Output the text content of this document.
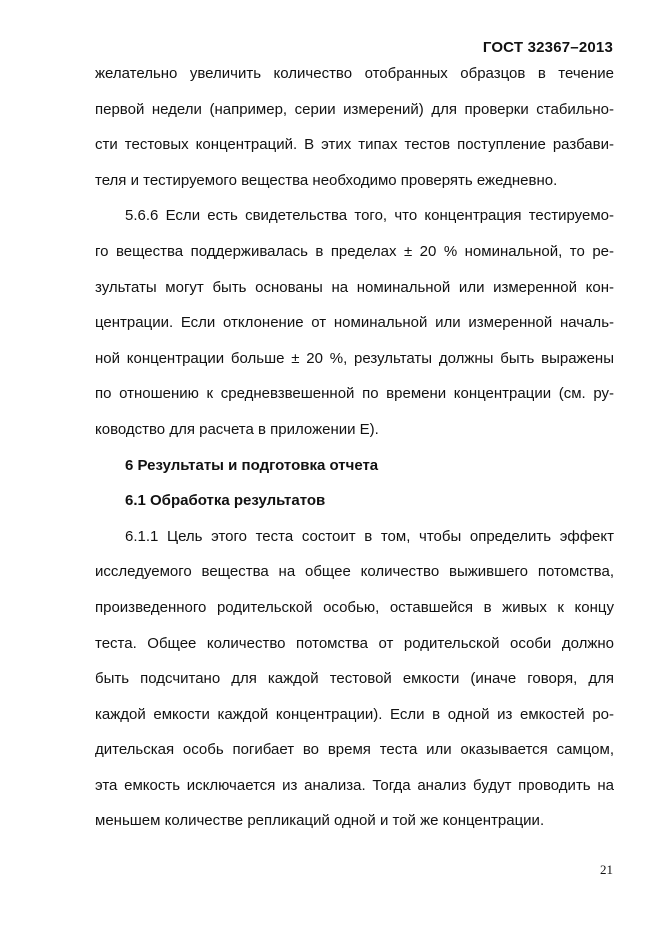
ГОСТ 32367–2013
желательно увеличить количество отобранных образцов в течение
первой недели (например, серии измерений) для проверки стабильно-
сти тестовых концентраций. В этих типах тестов поступление разбави-
теля и тестируемого вещества необходимо проверять ежедневно.
5.6.6 Если есть свидетельства того, что концентрация тестируемо-
го вещества поддерживалась в пределах ± 20 % номинальной, то ре-
зультаты могут быть основаны на номинальной или измеренной кон-
центрации. Если отклонение от номинальной или измеренной началь-
ной концентрации больше ± 20 %, результаты должны быть выражены
по отношению к средневзвешенной по времени концентрации (см. ру-
ководство для расчета в приложении Е).
6 Результаты и подготовка отчета
6.1 Обработка результатов
6.1.1 Цель этого теста состоит в том, чтобы определить эффект
исследуемого вещества на общее количество выжившего потомства,
произведенного родительской особью, оставшейся в живых к концу
теста. Общее количество потомства от родительской особи должно
быть подсчитано для каждой тестовой емкости (иначе говоря, для
каждой емкости каждой концентрации). Если в одной из емкостей ро-
дительская особь погибает во время теста или оказывается самцом,
эта емкость исключается из анализа. Тогда анализ будут проводить на
меньшем количестве репликаций одной и той же концентрации.
21
